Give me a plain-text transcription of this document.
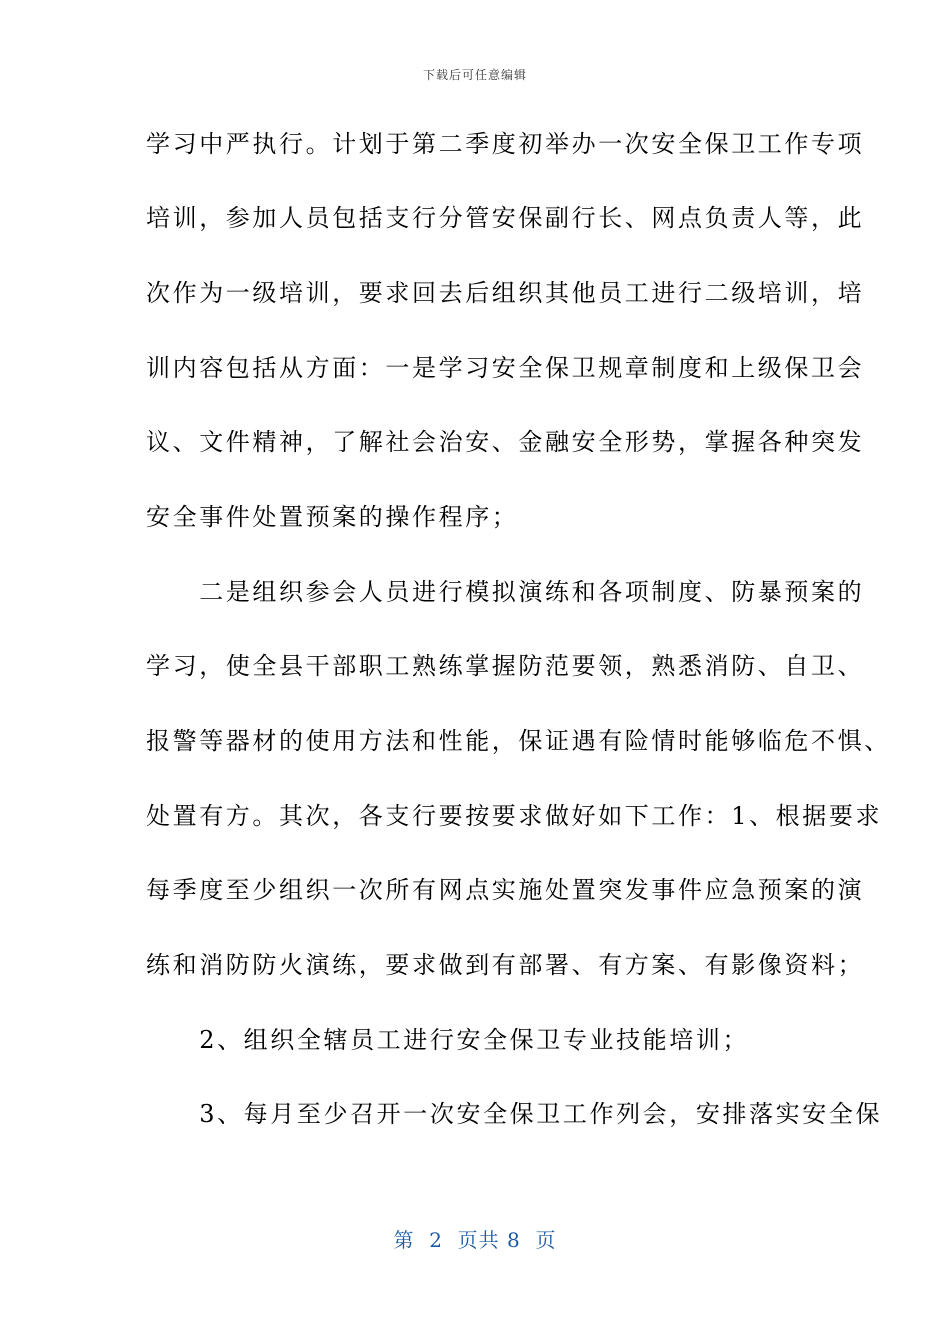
下载后可任意编辑
学习中严执行。计划于第二季度初举办一次安全保卫工作专项
培训，参加人员包括支行分管安保副行长、网点负责人等，此
次作为一级培训，要求回去后组织其他员工进行二级培训，培
训内容包括从方面：一是学习安全保卫规章制度和上级保卫会
议、文件精神，了解社会治安、金融安全形势，掌握各种突发
安全事件处置预案的操作程序；
　　二是组织参会人员进行模拟演练和各项制度、防暴预案的
学习，使全县干部职工熟练掌握防范要领，熟悉消防、自卫、
报警等器材的使用方法和性能，保证遇有险情时能够临危不惧、
处置有方。其次，各支行要按要求做好如下工作：1、根据要求
每季度至少组织一次所有网点实施处置突发事件应急预案的演
练和消防防火演练，要求做到有部署、有方案、有影像资料；
　　2、组织全辖员工进行安全保卫专业技能培训；
　　3、每月至少召开一次安全保卫工作列会，安排落实安全保
第  2  页共 8  页
